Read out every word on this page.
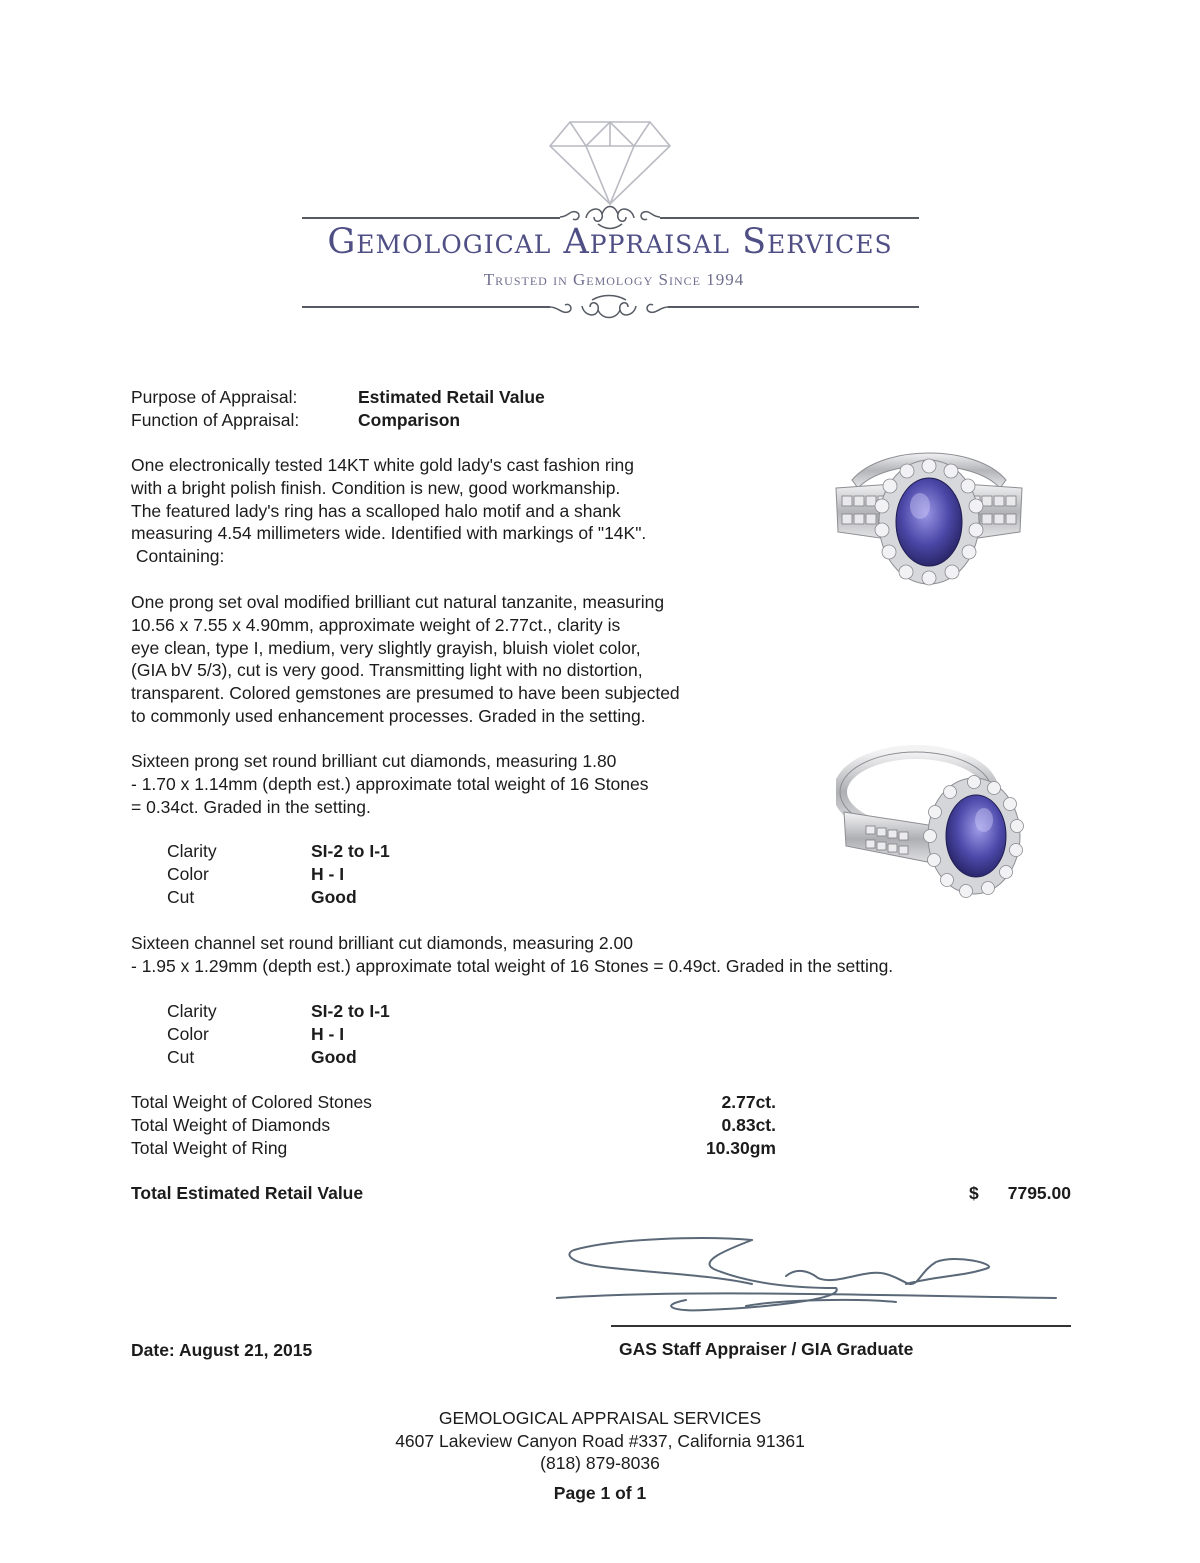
Gemological Appraisal Services
Trusted in Gemology Since 1994
Purpose of Appraisal:	Estimated Retail Value
Function of Appraisal:	Comparison
One electronically tested 14KT white gold lady's cast fashion ring
with a bright polish finish. Condition is new, good workmanship.
The featured lady's ring has a scalloped halo motif and a shank
measuring 4.54 millimeters wide. Identified with markings of "14K".
Containing:
One prong set oval modified brilliant cut natural tanzanite, measuring
10.56 x 7.55 x 4.90mm, approximate weight of 2.77ct., clarity is
eye clean, type I, medium, very slightly grayish, bluish violet color,
(GIA bV 5/3), cut is very good. Transmitting light with no distortion,
transparent. Colored gemstones are presumed to have been subjected
to commonly used enhancement processes. Graded in the setting.
Sixteen prong set round brilliant cut diamonds, measuring 1.80
- 1.70 x 1.14mm (depth est.) approximate total weight of 16 Stones
= 0.34ct. Graded in the setting.
Clarity	SI-2 to I-1
Color	H - I
Cut	Good
Sixteen channel set round brilliant cut diamonds, measuring 2.00
- 1.95 x 1.29mm (depth est.) approximate total weight of 16 Stones = 0.49ct. Graded in the setting.
Clarity	SI-2 to I-1
Color	H - I
Cut	Good
Total Weight of Colored Stones	2.77ct.
Total Weight of Diamonds	0.83ct.
Total Weight of Ring	10.30gm
Total Estimated Retail Value	$	7795.00
Date: August 21, 2015	GAS Staff Appraiser / GIA Graduate
GEMOLOGICAL APPRAISAL SERVICES
4607 Lakeview Canyon Road #337, California 91361
(818) 879-8036
Page 1 of 1
